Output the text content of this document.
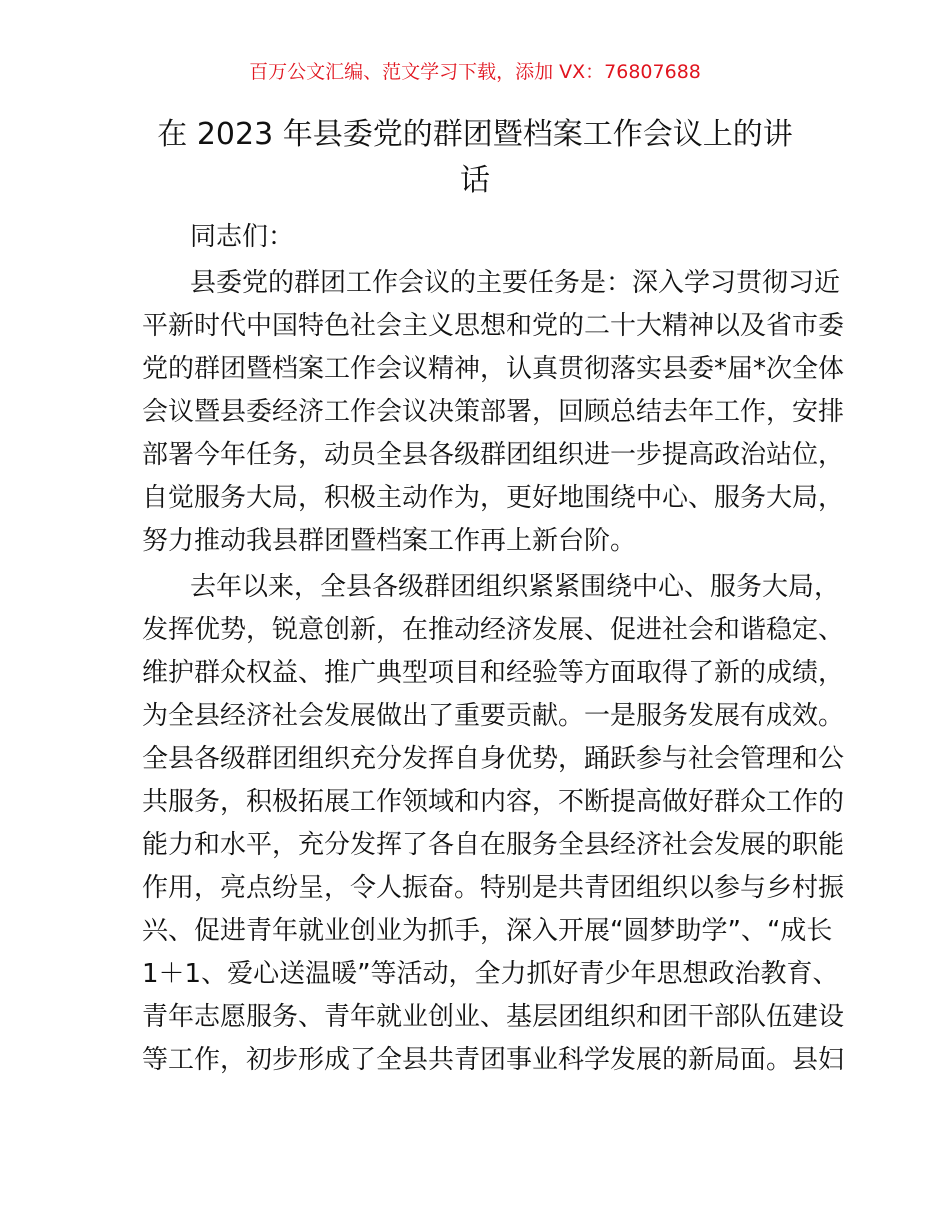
百万公文汇编、范文学习下载，添加 VX：76807688
在 2023 年县委党的群团暨档案工作会议上的讲
话
同志们：
县委党的群团工作会议的主要任务是：深入学习贯彻习近
平新时代中国特色社会主义思想和党的二十大精神以及省市委
党的群团暨档案工作会议精神，认真贯彻落实县委*届*次全体
会议暨县委经济工作会议决策部署，回顾总结去年工作，安排
部署今年任务，动员全县各级群团组织进一步提高政治站位，
自觉服务大局，积极主动作为，更好地围绕中心、服务大局，
努力推动我县群团暨档案工作再上新台阶。
去年以来，全县各级群团组织紧紧围绕中心、服务大局，
发挥优势，锐意创新，在推动经济发展、促进社会和谐稳定、
维护群众权益、推广典型项目和经验等方面取得了新的成绩，
为全县经济社会发展做出了重要贡献。一是服务发展有成效。
全县各级群团组织充分发挥自身优势，踊跃参与社会管理和公
共服务，积极拓展工作领域和内容，不断提高做好群众工作的
能力和水平，充分发挥了各自在服务全县经济社会发展的职能
作用，亮点纷呈，令人振奋。特别是共青团组织以参与乡村振
兴、促进青年就业创业为抓手，深入开展“圆梦助学”、“成长
1＋1、爱心送温暖”等活动，全力抓好青少年思想政治教育、
青年志愿服务、青年就业创业、基层团组织和团干部队伍建设
等工作，初步形成了全县共青团事业科学发展的新局面。县妇
